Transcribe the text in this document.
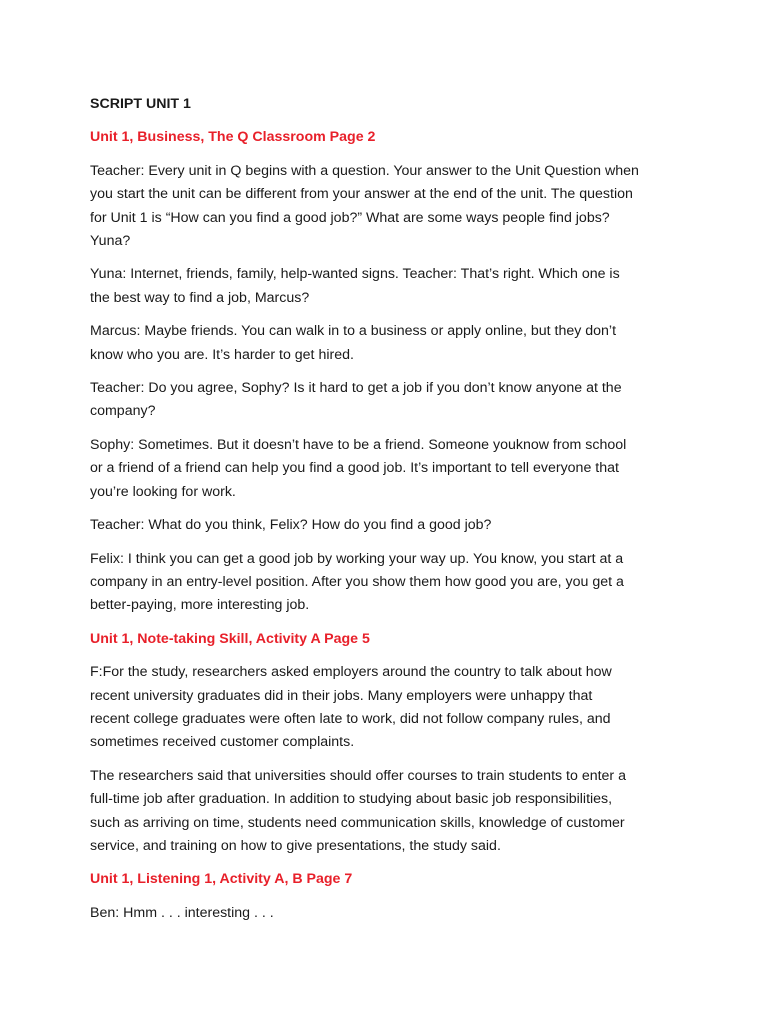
SCRIPT UNIT 1
Unit 1, Business, The Q Classroom Page 2
Teacher: Every unit in Q begins with a question. Your answer to the Unit Question when
you start the unit can be different from your answer at the end of the unit. The question
for Unit 1 is “How can you find a good job?” What are some ways people find jobs?
Yuna?
Yuna: Internet, friends, family, help-wanted signs. Teacher: That’s right. Which one is
the best way to find a job, Marcus?
Marcus: Maybe friends. You can walk in to a business or apply online, but they don’t
know who you are. It’s harder to get hired.
Teacher: Do you agree, Sophy? Is it hard to get a job if you don’t know anyone at the
company?
Sophy: Sometimes. But it doesn’t have to be a friend. Someone youknow from school
or a friend of a friend can help you find a good job. It’s important to tell everyone that
you’re looking for work.
Teacher: What do you think, Felix? How do you find a good job?
Felix: I think you can get a good job by working your way up. You know, you start at a
company in an entry-level position. After you show them how good you are, you get a
better-paying, more interesting job.
Unit 1, Note-taking Skill, Activity A Page 5
F:For the study, researchers asked employers around the country to talk about how
recent university graduates did in their jobs. Many employers were unhappy that
recent college graduates were often late to work, did not follow company rules, and
sometimes received customer complaints.
The researchers said that universities should offer courses to train students to enter a
full-time job after graduation. In addition to studying about basic job responsibilities,
such as arriving on time, students need communication skills, knowledge of customer
service, and training on how to give presentations, the study said.
Unit 1, Listening 1, Activity A, B Page 7
Ben: Hmm . . . interesting . . .
